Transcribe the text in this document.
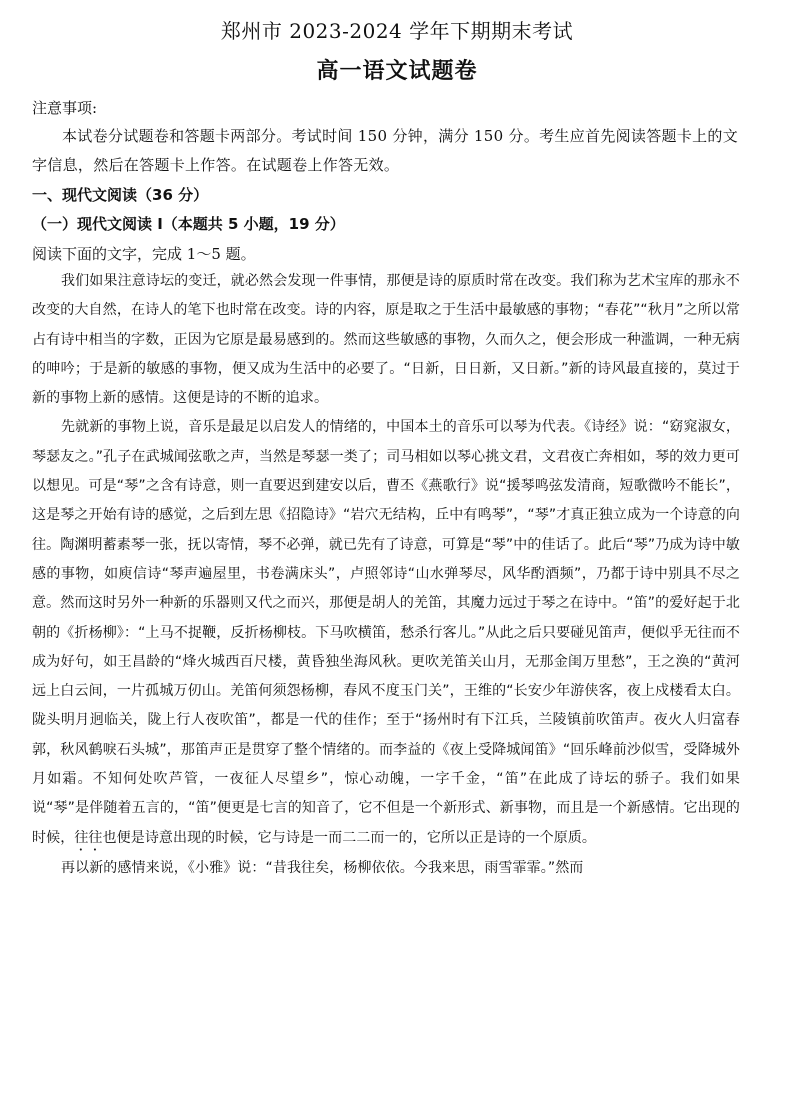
郑州市 2023-2024 学年下期期末考试
高一语文试题卷
注意事项:
本试卷分试题卷和答题卡两部分。考试时间 150 分钟，满分 150 分。考生应首先阅读答题卡上的文字信息，然后在答题卡上作答。在试题卷上作答无效。
一、现代文阅读（36 分）
（一）现代文阅读 I（本题共 5 小题，19 分）
阅读下面的文字，完成 1～5 题。

我们如果注意诗坛的变迁，就必然会发现一件事情，那便是诗的原质时常在改变。我们称为艺术宝库的那永不改变的大自然，在诗人的笔下也时常在改变。诗的内容，原是取之于生活中最敏感的事物；“春花”“秋月”之所以常占有诗中相当的字数，正因为它原是最易感到的。然而这些敏感的事物，久而久之，便会形成一种滥调，一种无病的呻吟；于是新的敏感的事物，便又成为生活中的必要了。“日新，日日新，又日新。”新的诗风最直接的，莫过于新的事物上新的感情。这便是诗的不断的追求。

先就新的事物上说，音乐是最足以启发人的情绪的，中国本土的音乐可以琴为代表。《诗经》说：“窈窕淑女，琴瑟友之。”孔子在武城闻弦歌之声，当然是琴瑟一类了；司马相如以琴心挑文君，文君夜亡奔相如，琴的效力更可以想见。可是“琴”之含有诗意，则一直要迟到建安以后，曹丕《燕歌行》说“援琴鸣弦发清商，短歌微吟不能长”，这是琴之开始有诗的感觉，之后到左思《招隐诗》“岩穴无结构，丘中有鸣琴”，“琴”才真正独立成为一个诗意的向往。陶渊明蓄素琴一张，抚以寄情，琴不必弹，就已先有了诗意，可算是“琴”中的佳话了。此后“琴”乃成为诗中敏感的事物，如庾信诗“琴声遍屋里，书卷满床头”，卢照邻诗“山水弹琴尽，风华酌酒频”，乃都于诗中别具不尽之意。然而这时另外一种新的乐器则又代之而兴，那便是胡人的羌笛，其魔力远过于琴之在诗中。“笛”的爱好起于北朝的《折杨柳》：“上马不捉鞭，反折杨柳枝。下马吹横笛，愁杀行客儿。”从此之后只要碰见笛声，便似乎无往而不成为好句，如王昌龄的“烽火城西百尺楼，黄昏独坐海风秋。更吹羌笛关山月，无那金闺万里愁”，王之涣的“黄河远上白云间，一片孤城万仞山。羌笛何须怨杨柳，春风不度玉门关”，王维的“长安少年游侠客，夜上戍楼看太白。陇头明月迥临关，陇上行人夜吹笛”，都是一代的佳作；至于“扬州时有下江兵，兰陵镇前吹笛声。夜火人归富春郭，秋风鹤唳石头城”，那笛声正是贯穿了整个情绪的。而李益的《夜上受降城闻笛》“回乐峰前沙似雪，受降城外月如霜。不知何处吹芦管，一夜征人尽望乡”，惊心动魄，一字千金，“笛”在此成了诗坛的骄子。我们如果说“琴”是伴随着五言的，“笛”便更是七言的知音了，它不但是一个新形式、新事物，而且是一个新感情。它出现的时候，往往也便是诗意出现的时候，它与诗是一而二二而一的，它所以正是诗的一个原质。

再以新的感情来说，《小雅》说：“昔我往矣，杨柳依依。今我来思，雨雪霏霏。”然而
